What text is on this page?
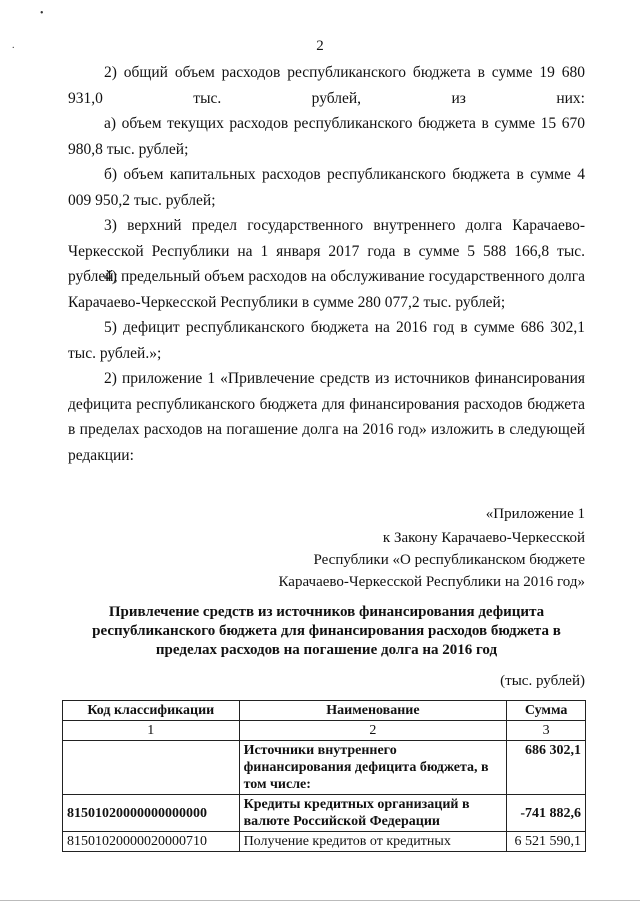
•
.	2

2) общий объем расходов республиканского бюджета в сумме 19 680 931,0 тыс. рублей, из них:

а) объем текущих расходов республиканского бюджета в сумме 15 670 980,8 тыс. рублей;

б) объем капитальных расходов республиканского бюджета в сумме 4 009 950,2 тыс. рублей;

3) верхний предел государственного внутреннего долга Карачаево-Черкесской Республики на 1 января 2017 года в сумме 5 588 166,8 тыс. рублей;

4) предельный объем расходов на обслуживание государственного долга Карачаево-Черкесской Республики в сумме 280 077,2 тыс. рублей;

5) дефицит республиканского бюджета на 2016 год в сумме 686 302,1 тыс. рублей.»;

2) приложение 1 «Привлечение средств из источников финансирования дефицита республиканского бюджета для финансирования расходов бюджета в пределах расходов на погашение долга на 2016 год» изложить в следующей редакции:

«Приложение 1
к Закону Карачаево-Черкесской
Республики «О республиканском бюджете
Карачаево-Черкесской Республики на 2016 год»
Привлечение средств из источников финансирования дефицита
республиканского бюджета для финансирования расходов бюджета в
пределах расходов на погашение долга на 2016 год
(тыс. рублей)
Код классификации	Наименование	Сумма
1	2	3
	Источники внутреннего финансирования дефицита бюджета, в том числе:	686 302,1
81501020000000000000	Кредиты кредитных организаций в валюте Российской Федерации	-741 882,6
81501020000020000710	Получение кредитов от кредитных	6 521 590,1
